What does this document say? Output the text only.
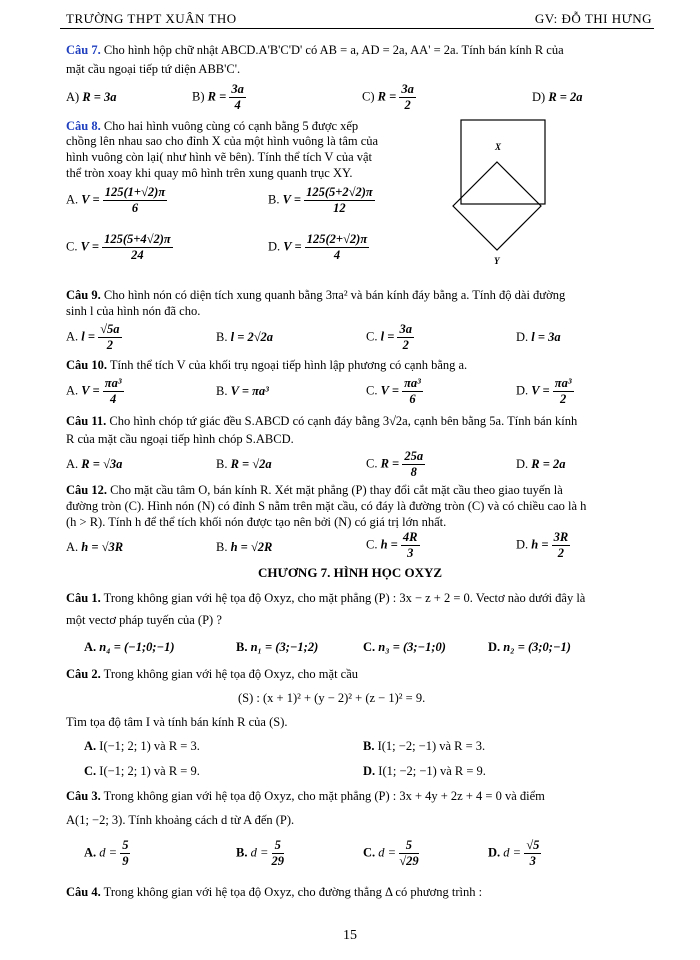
TRƯỜNG THPT XUÂN THO	GV: ĐỖ THI HƯNG
Câu 7. Cho hình hộp chữ nhật ABCD.A'B'C'D' có AB = a, AD = 2a, AA' = 2a. Tính bán kính R của
mặt cầu ngoại tiếp tứ diện ABB'C'.
A) R = 3a	B) $R = \frac{3a}{4}$	C) $R = \frac{3a}{2}$	D) R = 2a
Câu 8. Cho hai hình vuông cùng có cạnh bằng 5 được xếp
chồng lên nhau sao cho đỉnh X của một hình vuông là tâm của
hình vuông còn lại( như hình vẽ bên). Tính thể tích V của vật
thể tròn xoay khi quay mô hình trên xung quanh trục XY.
A. $V = \frac{125(1+√2)\pi}{6}$	B. $V = \frac{125(5+2√2)\pi}{12}$
C. $V = \frac{125(5+4√2)\pi}{24}$	D. $V = \frac{125(2+√2)\pi}{4}$
X
Y
Câu 9. Cho hình nón có diện tích xung quanh bằng 3πa² và bán kính đáy bằng a. Tính độ dài đường
sinh l của hình nón đã cho.
A. $l = \frac{√5a}{2}$	B. l = 2√2a	C. $l = \frac{3a}{2}$	D. l = 3a
Câu 10. Tính thể tích V của khối trụ ngoại tiếp hình lập phương có cạnh bằng a.
A. $V = \frac{\text{πa³}}{4}$	B. V = πa³	C. $V = \frac{\text{πa³}}{6}$	D. $V = \frac{\text{πa³}}{2}$
Câu 11. Cho hình chóp tứ giác đều S.ABCD có cạnh đáy bằng 3√2a, cạnh bên bằng 5a. Tính bán kính
R của mặt cầu ngoại tiếp hình chóp S.ABCD.
A. R = √3a	B. R = √2a	C. $R = \frac{25a}{8}$	D. R = 2a
Câu 12. Cho mặt cầu tâm O, bán kính R. Xét mặt phẳng (P) thay đổi cắt mặt cầu theo giao tuyến là
đường tròn (C). Hình nón (N) có đỉnh S nằm trên mặt cầu, có đáy là đường tròn (C) và có chiều cao là h
(h > R). Tính h để thể tích khối nón được tạo nên bởi (N) có giá trị lớn nhất.
A. h = √3R	B. h = √2R	C. $h = \frac{4R}{3}$	D. $h = \frac{3R}{2}$
CHƯƠNG 7. HÌNH HỌC OXYZ
Câu 1. Trong không gian với hệ tọa độ Oxyz, cho mặt phẳng (P) : 3x − z + 2 = 0. Vectơ nào dưới đây là
một vectơ pháp tuyến của (P) ?
A. n₄ = (−1;0;−1)	B. n₁ = (3;−1;2)	C. n₃ = (3;−1;0)	D. n₂ = (3;0;−1)
Câu 2. Trong không gian với hệ tọa độ Oxyz, cho mặt cầu
(S) : (x + 1)² + (y − 2)² + (z − 1)² = 9.
Tìm tọa độ tâm I và tính bán kính R của (S).
A. I(−1; 2; 1) và R = 3.	B. I(1; −2; −1) và R = 3.
C. I(−1; 2; 1) và R = 9.	D. I(1; −2; −1) và R = 9.
Câu 3. Trong không gian với hệ tọa độ Oxyz, cho mặt phẳng (P) : 3x + 4y + 2z + 4 = 0 và điểm
A(1; −2; 3). Tính khoảng cách d từ A đến (P).
A. $d = \frac{5}{9}$	B. $d = \frac{5}{29}$	C. $d = \frac{5}{√29}$	D. $d = \frac{√5}{3}$
Câu 4. Trong không gian với hệ tọa độ Oxyz, cho đường thẳng Δ có phương trình :
15
